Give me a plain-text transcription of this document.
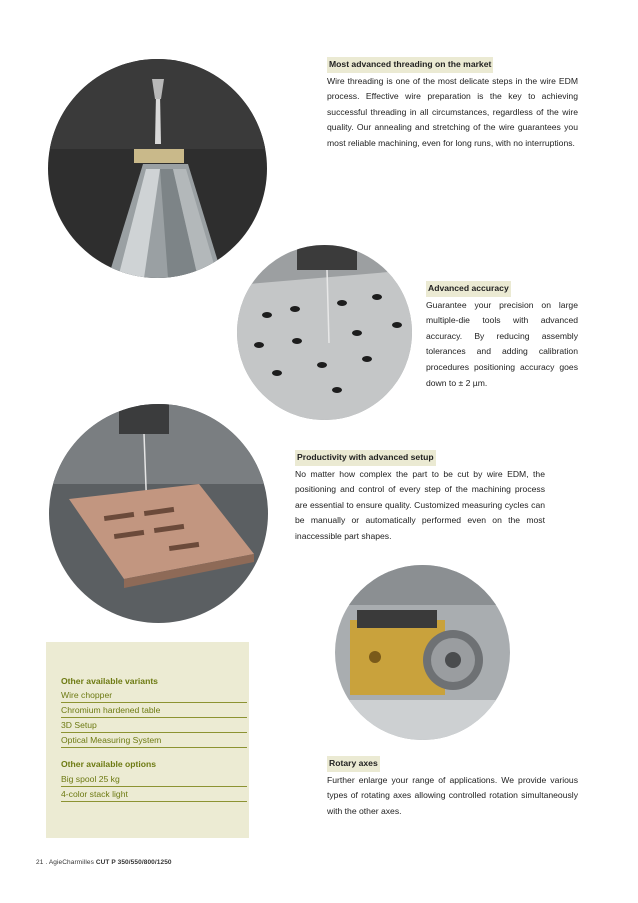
Most advanced threading on the market

Wire threading is one of the most delicate steps in the wire EDM process. Effective wire preparation is the key to achieving successful threading in all circumstances, regardless of the wire quality. Our annealing and stretching of the wire guarantees you most reliable machining, even for long runs, with no interruptions.

Advanced accuracy

Guarantee your precision on large multiple-die tools with advanced accuracy. By reducing assembly tolerances and adding calibration procedures positioning accuracy goes down to ± 2 µm.

Productivity with advanced setup

No matter how complex the part to be cut by wire EDM, the positioning and control of every step of the machining process are essential to ensure quality. Customized measuring cycles can be manually or automatically performed even on the most inaccessible part shapes.

Rotary axes

Further enlarge your range of applications. We provide various types of rotating axes allowing controlled rotation simultaneously with the other axes.

Other available variants
Wire chopper
Chromium hardened table
3D Setup
Optical Measuring System
Other available options
Big spool 25 kg
4-color stack light
21 . AgieCharmilles CUT P 350/550/800/1250
